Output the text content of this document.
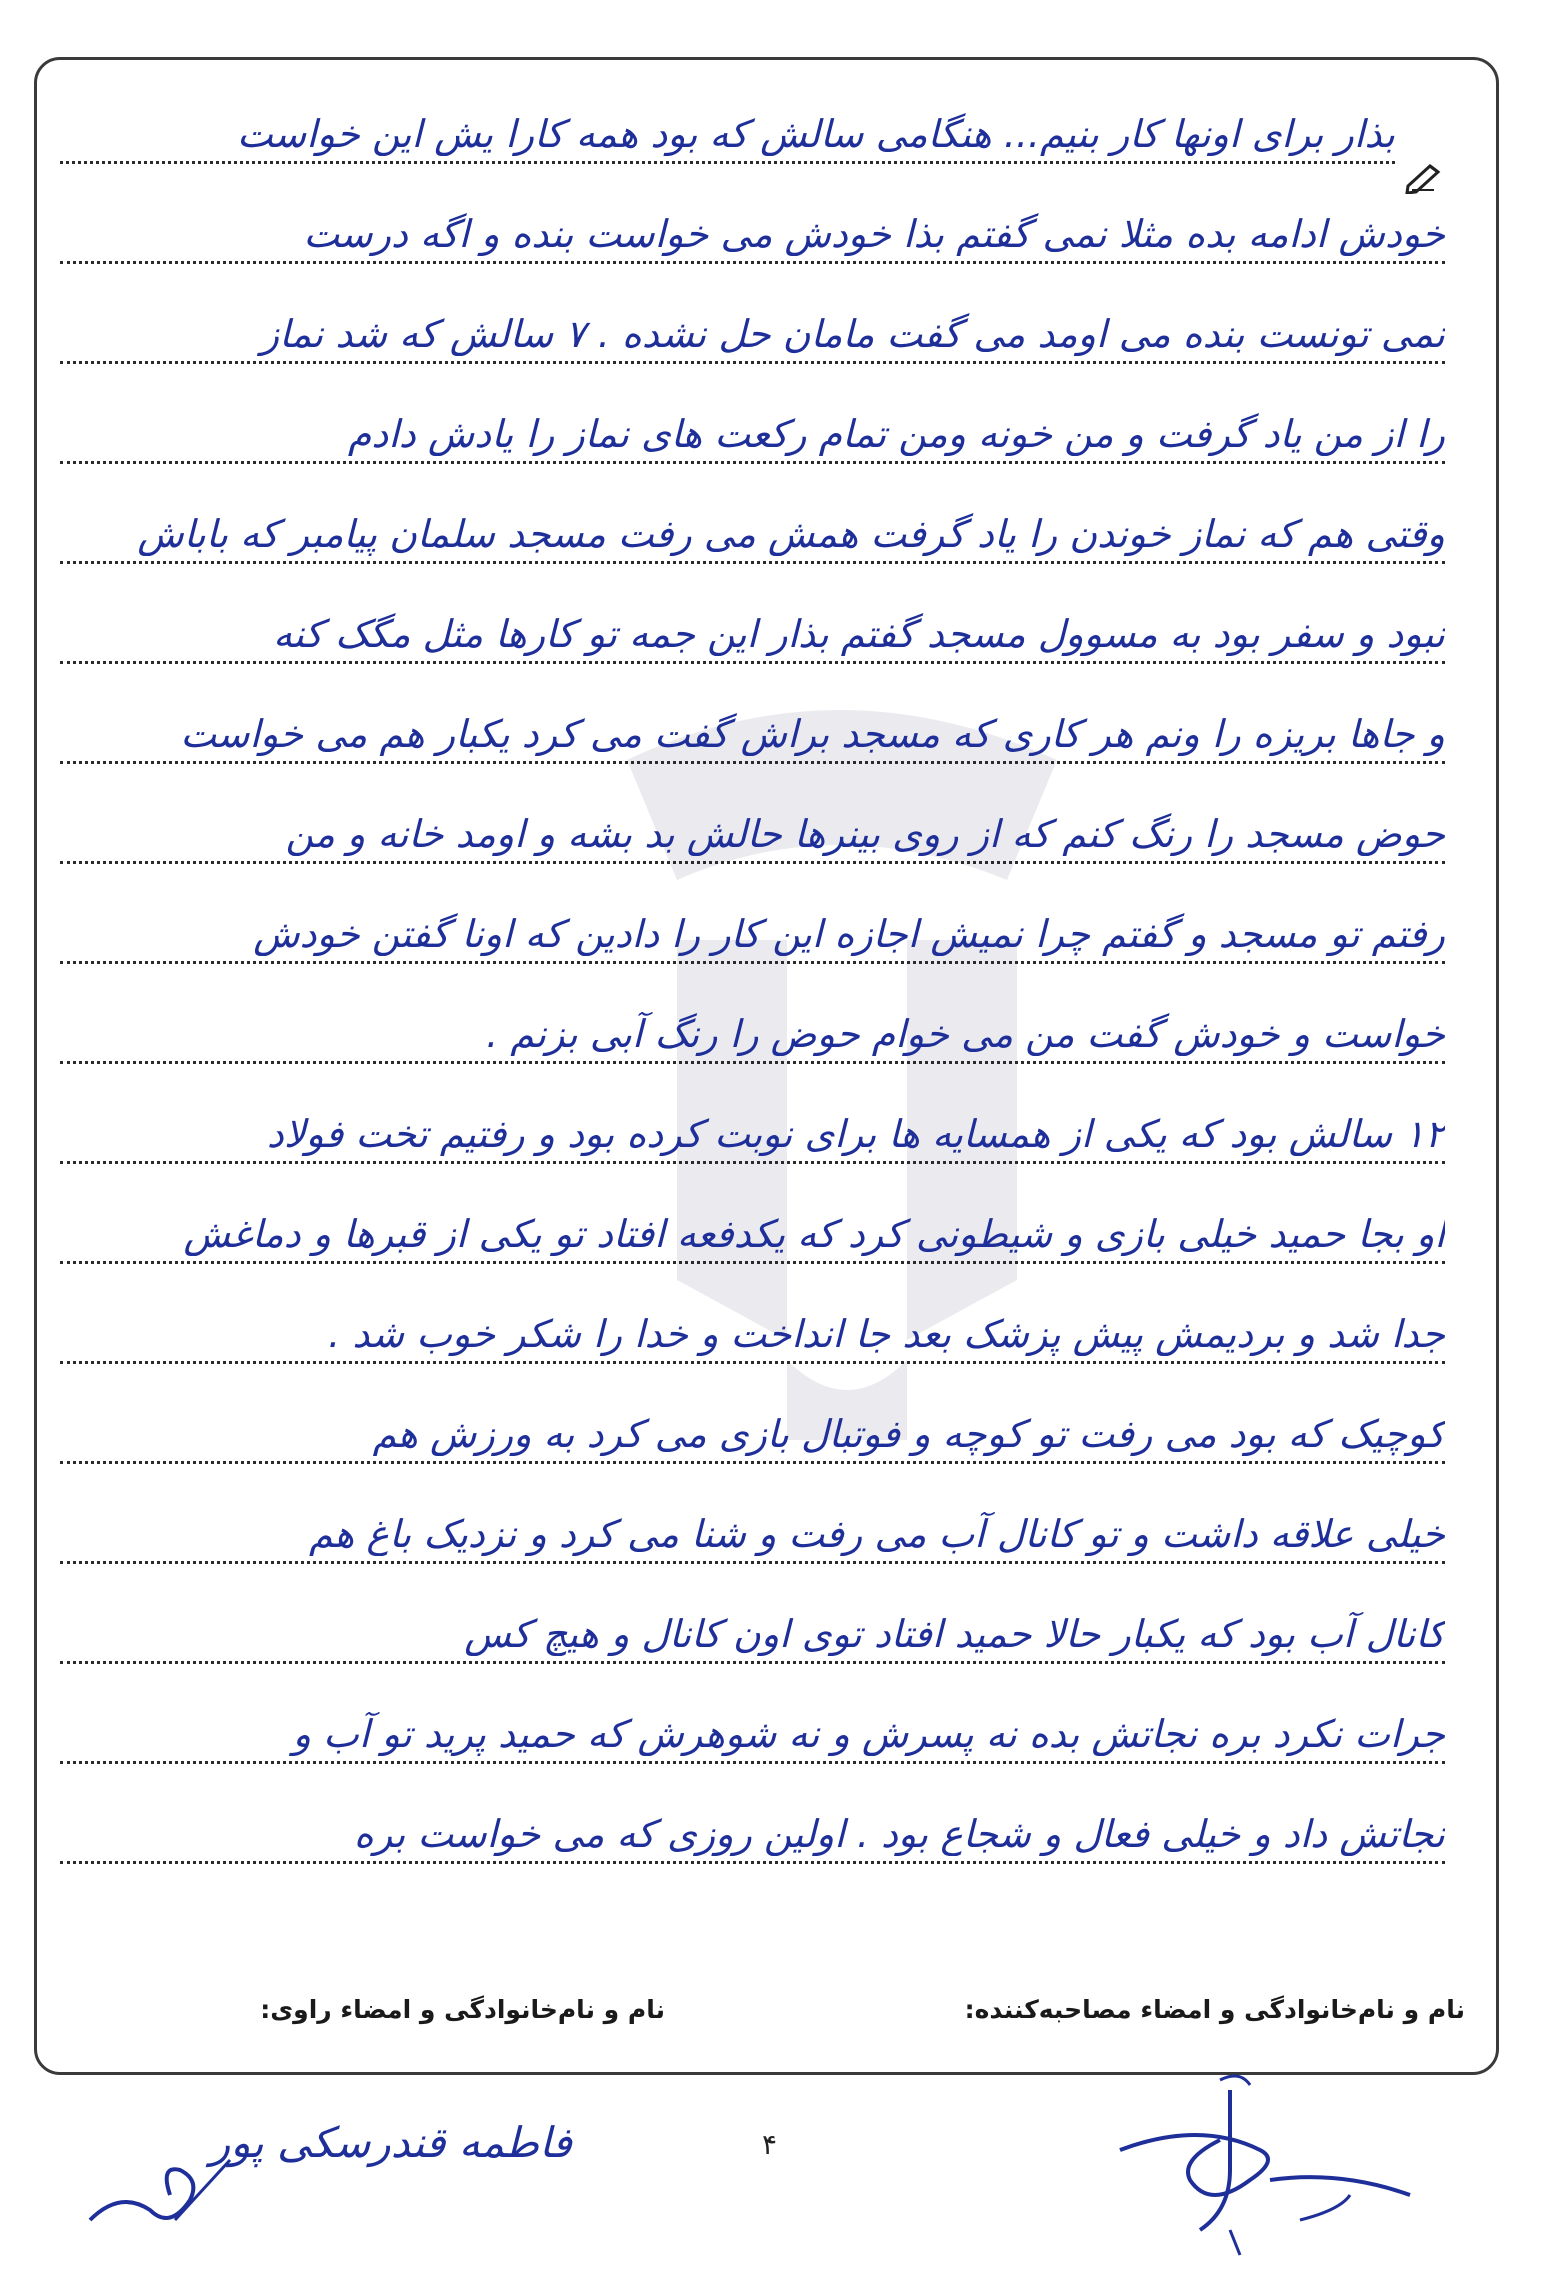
بذار برای اونها کار بنیم... هنگامی سالش که بود همه کارا یش این خواست
خودش ادامه بده مثلا نمی گفتم بذا خودش می خواست بنده و اگه درست
نمی تونست بنده می اومد می گفت مامان حل نشده . ۷ سالش که شد نماز
را از من یاد گرفت و من خونه ومن تمام رکعت های نماز را یادش دادم
وقتی هم که نماز خوندن را یاد گرفت همش می رفت مسجد سلمان پیامبر که باباش
نبود و سفر بود به مسوول مسجد گفتم بذار این جمه تو کارها مثل مگک کنه
و جاها بریزه را ونم هر کاری که مسجد براش گفت می کرد یکبار هم می خواست
حوض مسجد را رنگ کنم که از روی بینرها حالش بد بشه و اومد خانه و من
رفتم تو مسجد و گفتم چرا نمیش اجازه این کار را دادین که اونا گفتن خودش
خواست و خودش گفت من می خوام حوض را رنگ آبی بزنم .
۱۲ سالش بود که یکی از همسایه ها برای نوبت کرده بود و رفتیم تخت فولاد
او بجا حمید خیلی بازی و شیطونی کرد که یکدفعه افتاد تو یکی از قبرها و دماغش
جدا شد و بردیمش پیش پزشک بعد جا انداخت و خدا را شکر خوب شد .
کوچیک که بود می رفت تو کوچه و فوتبال بازی می کرد به ورزش هم
خیلی علاقه داشت و تو کانال آب می رفت و شنا می کرد و نزدیک باغ هم
کانال آب بود که یکبار حالا حمید افتاد توی اون کانال و هیچ کس
جرات نکرد بره نجاتش بده نه پسرش و نه شوهرش که حمید پرید تو آب و
نجاتش داد و خیلی فعال و شجاع بود . اولین روزی که می خواست بره
نام و نام‌خانوادگی و امضاء مصاحبه‌کننده:
نام و نام‌خانوادگی و امضاء راوی:
فاطمه قندرسکی پور	۴
